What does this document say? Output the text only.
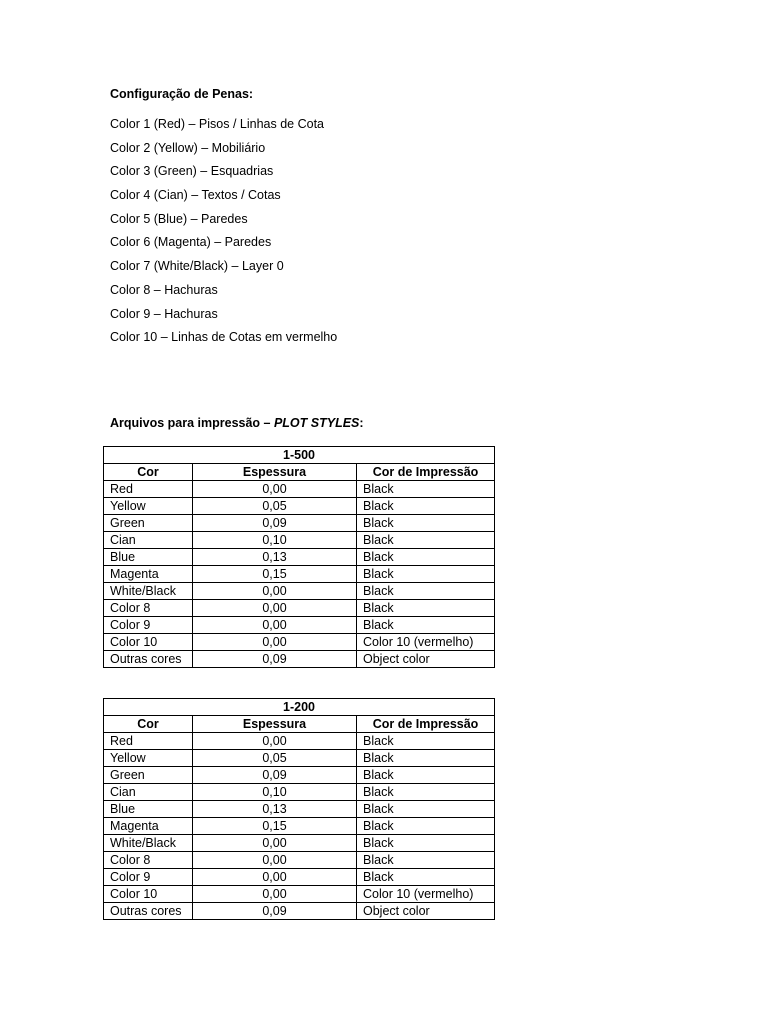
Configuração de Penas:
Color 1 (Red) – Pisos / Linhas de Cota
Color 2 (Yellow) – Mobiliário
Color 3 (Green) – Esquadrias
Color 4 (Cian) – Textos / Cotas
Color 5 (Blue) – Paredes
Color 6 (Magenta) – Paredes
Color 7 (White/Black) – Layer 0
Color 8 – Hachuras
Color 9 – Hachuras
Color 10 – Linhas de Cotas em vermelho
Arquivos para impressão – PLOT STYLES:
1-500		
Cor	Espessura	Cor de Impressão
Red	0,00	Black
Yellow	0,05	Black
Green	0,09	Black
Cian	0,10	Black
Blue	0,13	Black
Magenta	0,15	Black
White/Black	0,00	Black
Color 8	0,00	Black
Color 9	0,00	Black
Color 10	0,00	Color 10 (vermelho)
Outras cores	0,09	Object color
1-200		
Cor	Espessura	Cor de Impressão
Red	0,00	Black
Yellow	0,05	Black
Green	0,09	Black
Cian	0,10	Black
Blue	0,13	Black
Magenta	0,15	Black
White/Black	0,00	Black
Color 8	0,00	Black
Color 9	0,00	Black
Color 10	0,00	Color 10 (vermelho)
Outras cores	0,09	Object color
